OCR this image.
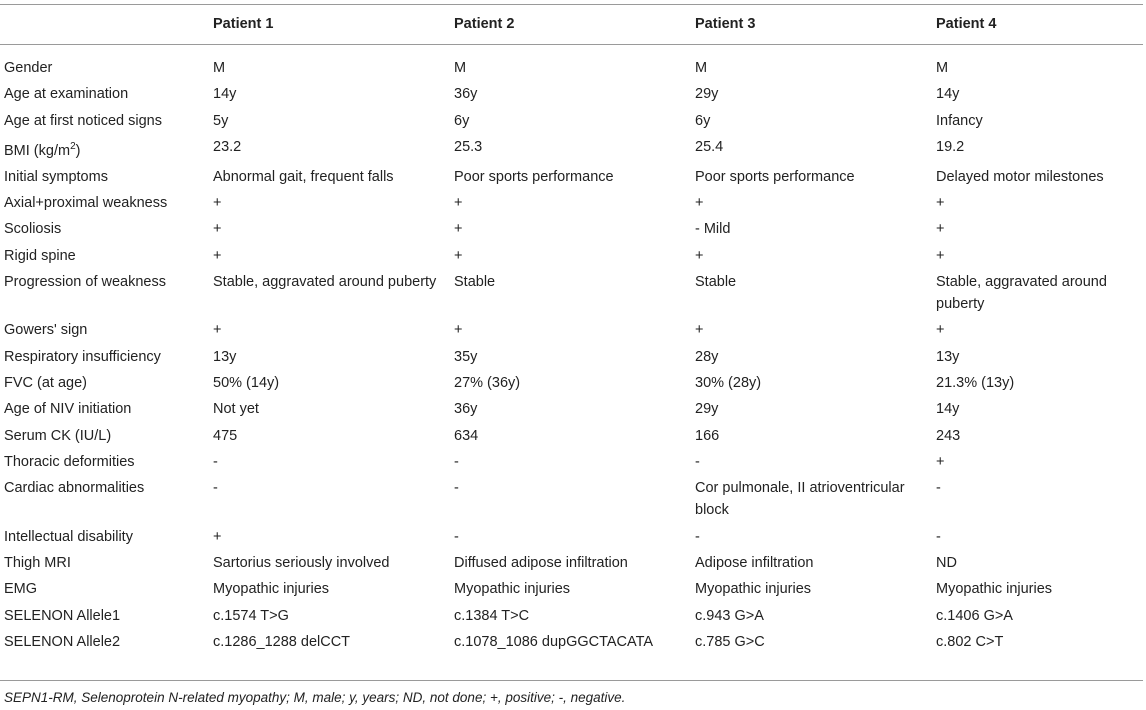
	Patient 1	Patient 2	Patient 3	Patient 4
Gender	M	M	M	M
Age at examination	14y	36y	29y	14y
Age at first noticed signs	5y	6y	6y	Infancy
BMI $(kg/m^2)$	23.2	25.3	25.4	19.2
Initial symptoms	Abnormal gait, frequent falls	Poor sports performance	Poor sports performance	Delayed motor milestones
Axial+proximal weakness	+	+	+	+
Scoliosis	+	+	- Mild	+
Rigid spine	+	+	+	+
Progression of weakness	Stable, aggravated around puberty	Stable	Stable	Stable, aggravated around puberty
Gowers' sign	+	+	+	+
Respiratory insufficiency	13y	35y	28y	13y
FVC (at age)	50% (14y)	27% (36y)	30% (28y)	21.3% (13y)
Age of NIV initiation	Not yet	36y	29y	14y
Serum CK (IU/L)	475	634	166	243
Thoracic deformities	-	-	-	+
Cardiac abnormalities	-	-	Cor pulmonale, II atrioventricular block	-
Intellectual disability	+	-	-	-
Thigh MRI	Sartorius seriously involved	Diffused adipose infiltration	Adipose infiltration	ND
EMG	Myopathic injuries	Myopathic injuries	Myopathic injuries	Myopathic injuries
SELENON Allele1	c.1574 T>G	c.1384 T>C	c.943 G>A	c.1406 G>A
SELENON Allele2	c.1286_1288 delCCT	c.1078_1086 dupGGCTACATA	c.785 G>C	c.802 C>T
SEPN1-RM, Selenoprotein N-related myopathy; M, male; y, years; ND, not done; +, positive; -, negative.
